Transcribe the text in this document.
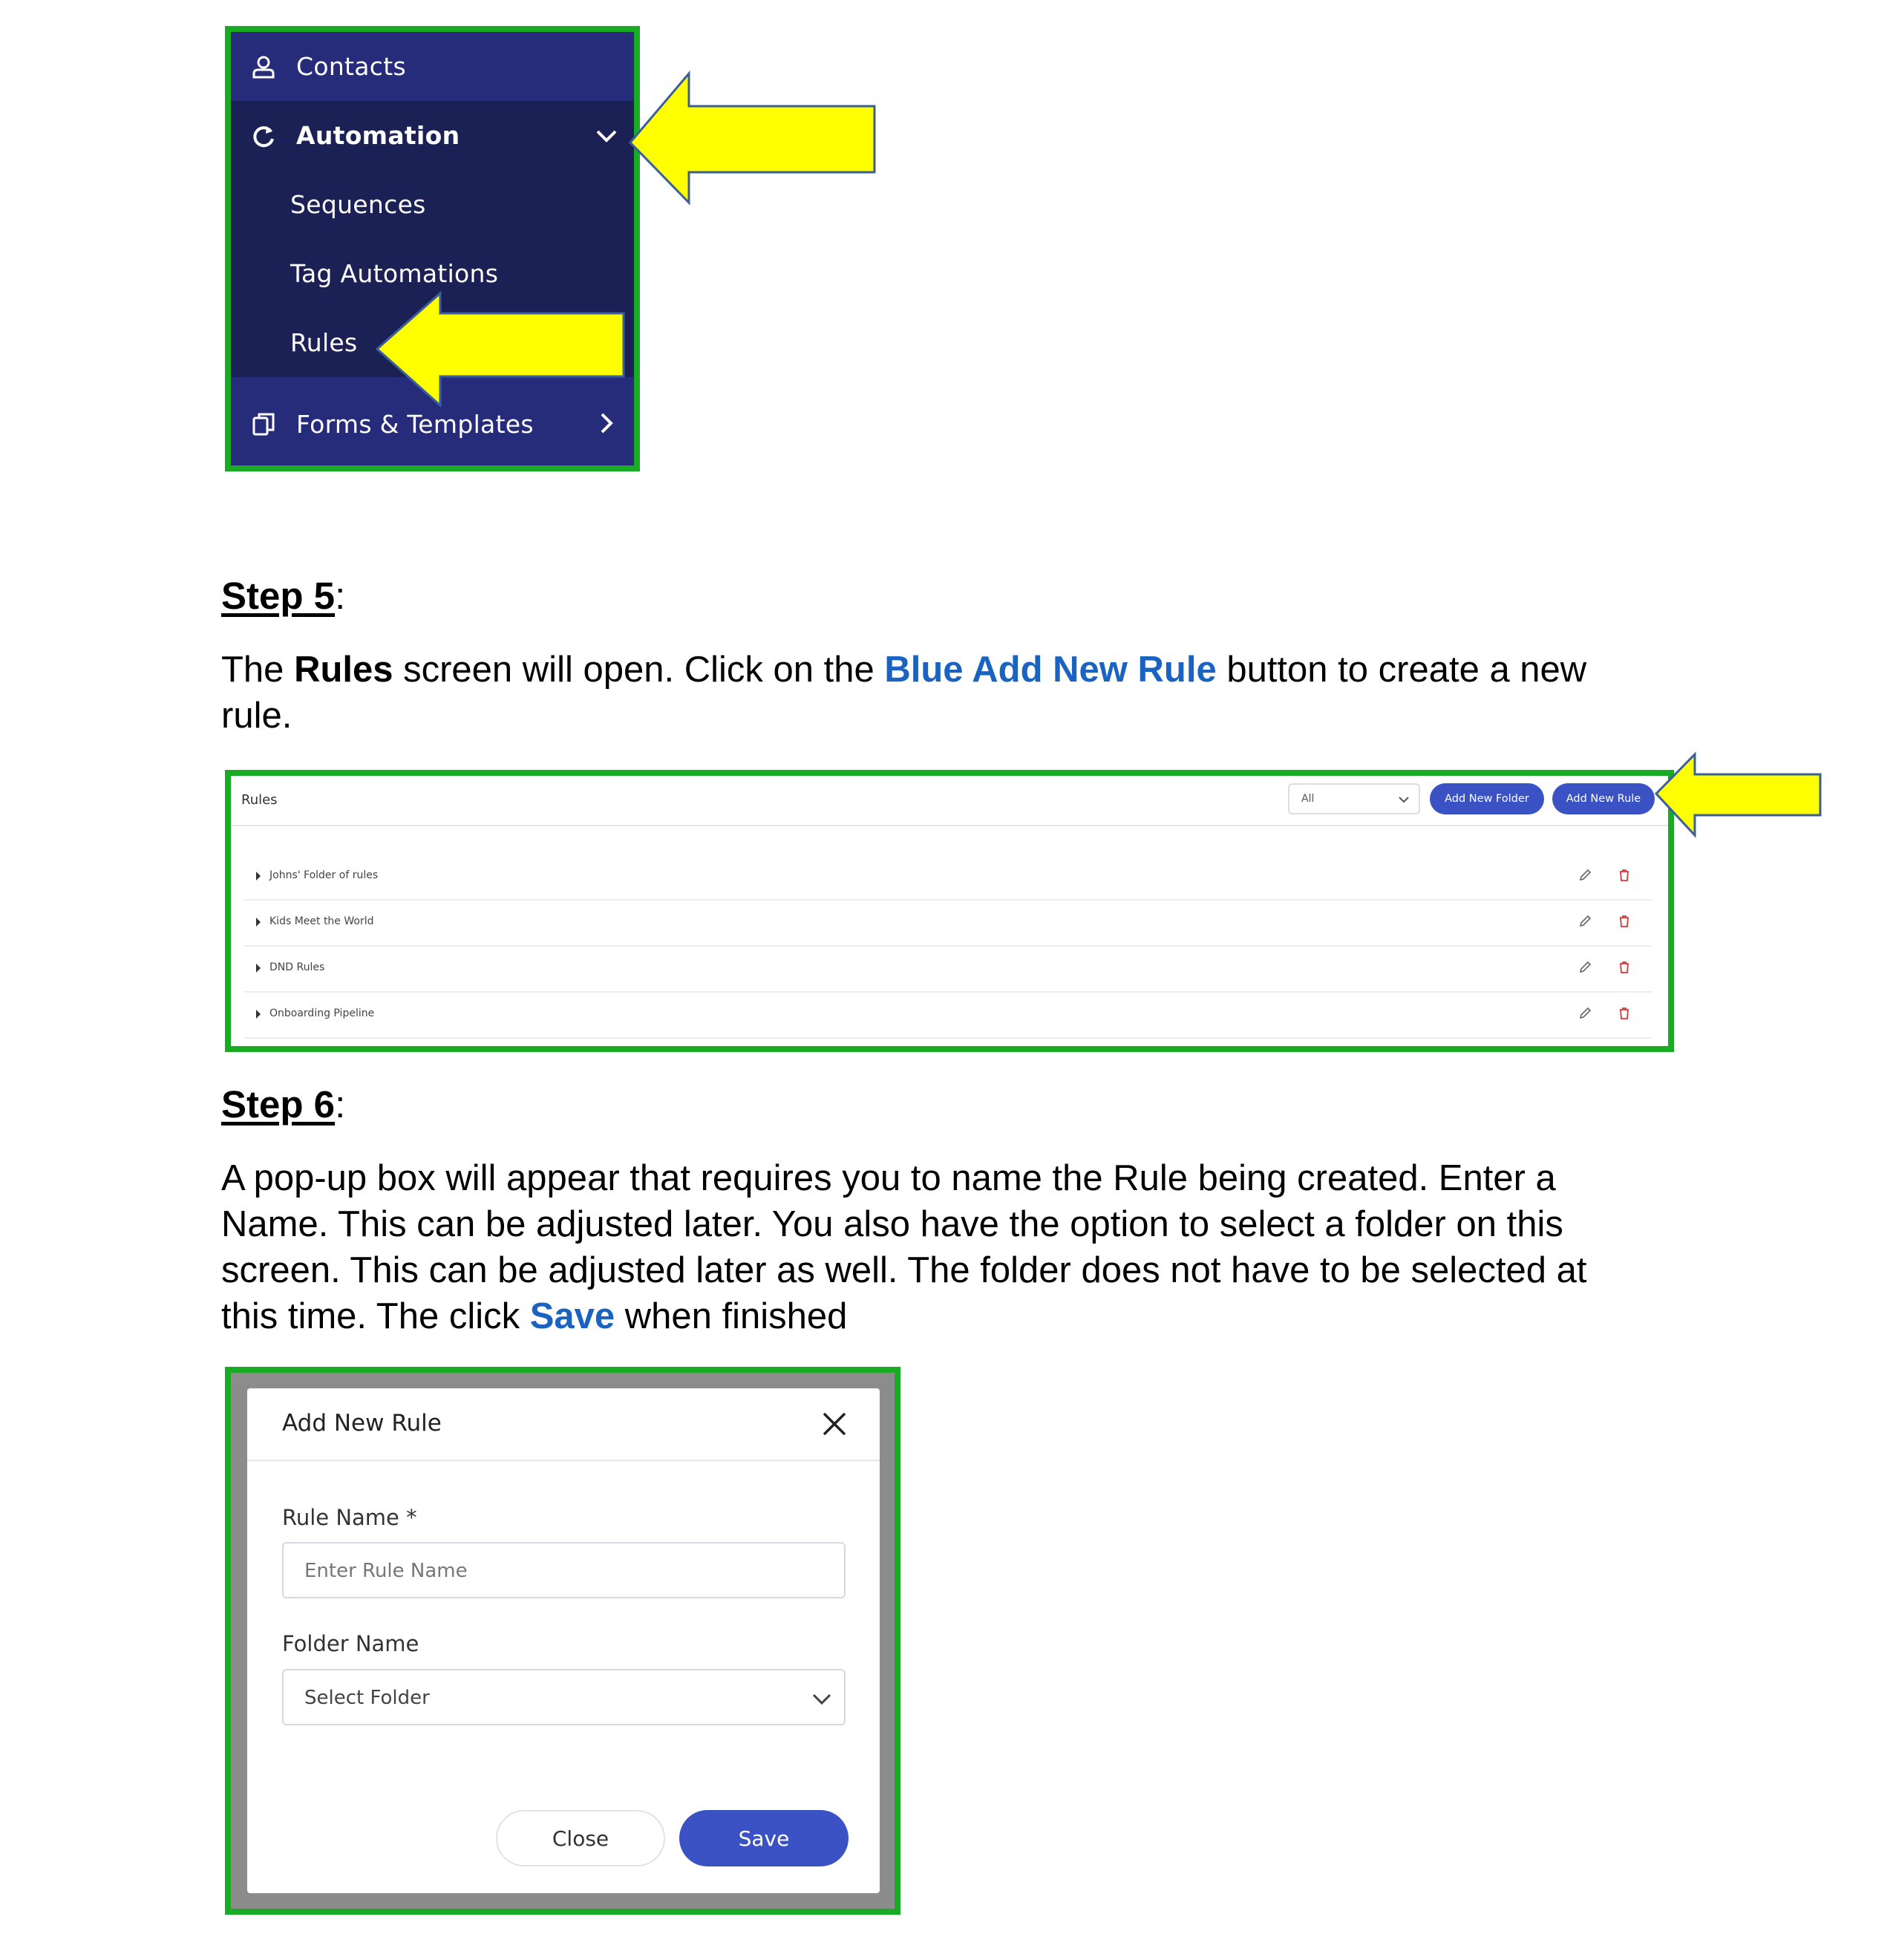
Contacts
Automation
Sequences
Tag Automations
Rules
Forms & Templates
Step 5:
The Rules screen will open. Click on the Blue Add New Rule button to create a new rule.
Rules	All	Add New Folder	Add New Rule
Johns' Folder of rules
Kids Meet the World
DND Rules
Onboarding Pipeline
Step 6:
A pop-up box will appear that requires you to name the Rule being created. Enter a Name. This can be adjusted later. You also have the option to select a folder on this screen. This can be adjusted later as well. The folder does not have to be selected at this time. The click Save when finished
Add New Rule
Rule Name *
Enter Rule Name
Folder Name
Select Folder
Close	Save
